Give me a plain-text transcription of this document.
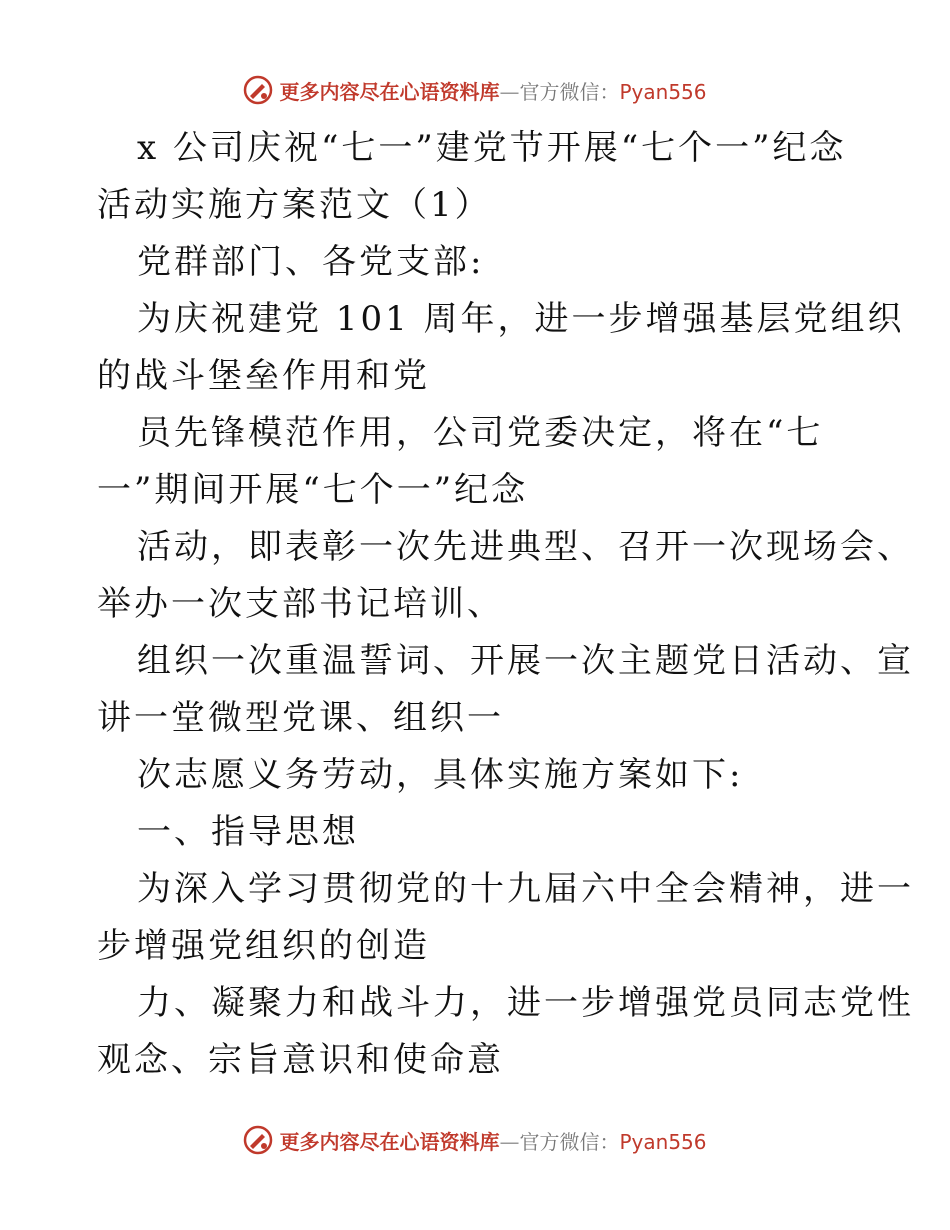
更多内容尽在心语资料库—官方微信：Pyan556

x 公司庆祝“七一”建党节开展“七个一”纪念

活动实施方案范文（1）

党群部门、各党支部:

为庆祝建党 101 周年，进一步增强基层党组织

的战斗堡垒作用和党

员先锋模范作用，公司党委决定，将在“七

一”期间开展“七个一”纪念

活动，即表彰一次先进典型、召开一次现场会、

举办一次支部书记培训、

组织一次重温誓词、开展一次主题党日活动、宣

讲一堂微型党课、组织一

次志愿义务劳动，具体实施方案如下:

一、指导思想

为深入学习贯彻党的十九届六中全会精神，进一

步增强党组织的创造

力、凝聚力和战斗力，进一步增强党员同志党性

观念、宗旨意识和使命意

更多内容尽在心语资料库—官方微信：Pyan556
